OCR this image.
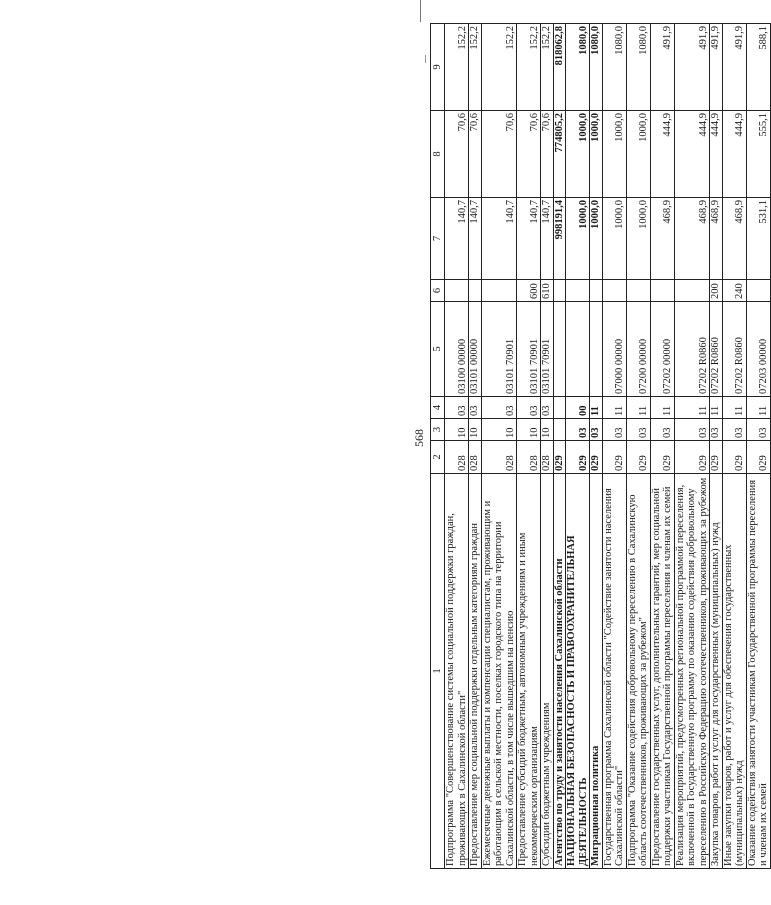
568
1	2	3	4	5	6	7	8	9
Подпрограмма "Совершенствование системы социальной поддержки граждан, проживающих в Сахалинской области"	028	10	03	03100 00000		140,7	70,6	152,2
Предоставление мер социальной поддержки отдельным категориям граждан	028	10	03	03101 00000		140,7	70,6	152,2
Ежемесячные денежные выплаты и компенсации специалистам, проживающим и работающим в сельской местности, поселках городского типа на территории Сахалинской области, в том числе вышедшим на пенсию	028	10	03	03101 70901		140,7	70,6	152,2
Предоставление субсидий бюджетным, автономным учреждениям и иным некоммерческим организациям	028	10	03	03101 70901	600	140,7	70,6	152,2
Субсидии бюджетным учреждениям	028	10	03	03101 70901	610	140,7	70,6	152,2
Агентство по труду и занятости населения Сахалинской области	029					998191,4	774805,2	818062,8
НАЦИОНАЛЬНАЯ БЕЗОПАСНОСТЬ И ПРАВООХРАНИТЕЛЬНАЯ ДЕЯТЕЛЬНОСТЬ	029	03	00			1000,0	1000,0	1080,0
Миграционная политика	029	03	11			1000,0	1000,0	1080,0
Государственная программа Сахалинской области "Содействие занятости населения Сахалинской области"	029	03	11	07000 00000		1000,0	1000,0	1080,0
Подпрограмма "Оказание содействия добровольному переселению в Сахалинскую область соотечественников, проживающих за рубежом"	029	03	11	07200 00000		1000,0	1000,0	1080,0
Предоставление государственных услуг, дополнительных гарантий, мер социальной поддержки участникам Государственной программы переселения и членам их семей	029	03	11	07202 00000		468,9	444,9	491,9
Реализация мероприятий, предусмотренных региональной программой переселения, включенной в Государственную программу по оказанию содействия добровольному переселению в Российскую Федерацию соотечественников, проживающих за рубежом	029	03	11	07202 R0860		468,9	444,9	491,9
Закупка товаров, работ и услуг для государственных (муниципальных) нужд	029	03	11	07202 R0860	200	468,9	444,9	491,9
Иные закупки товаров, работ и услуг для обеспечения государственных (муниципальных) нужд	029	03	11	07202 R0860	240	468,9	444,9	491,9
Оказание содействия занятости участникам Государственной программы переселения и членам их семей	029	03	11	07203 00000		531,1	555,1	588,1
